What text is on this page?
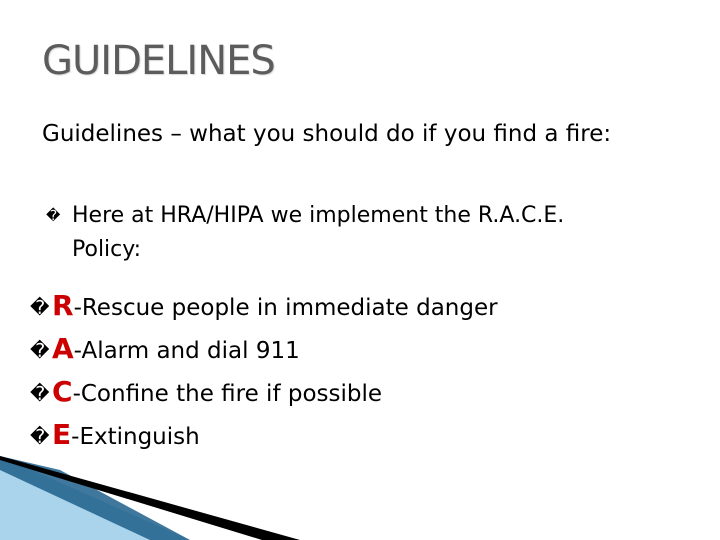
GUIDELINES
Guidelines – what you should do if you find a fire:
� Here at HRA/HIPA we implement the R.A.C.E.
Policy:
�R-Rescue people in immediate danger
�A-Alarm and dial 911
�C-Confine the fire if possible
�E-Extinguish
